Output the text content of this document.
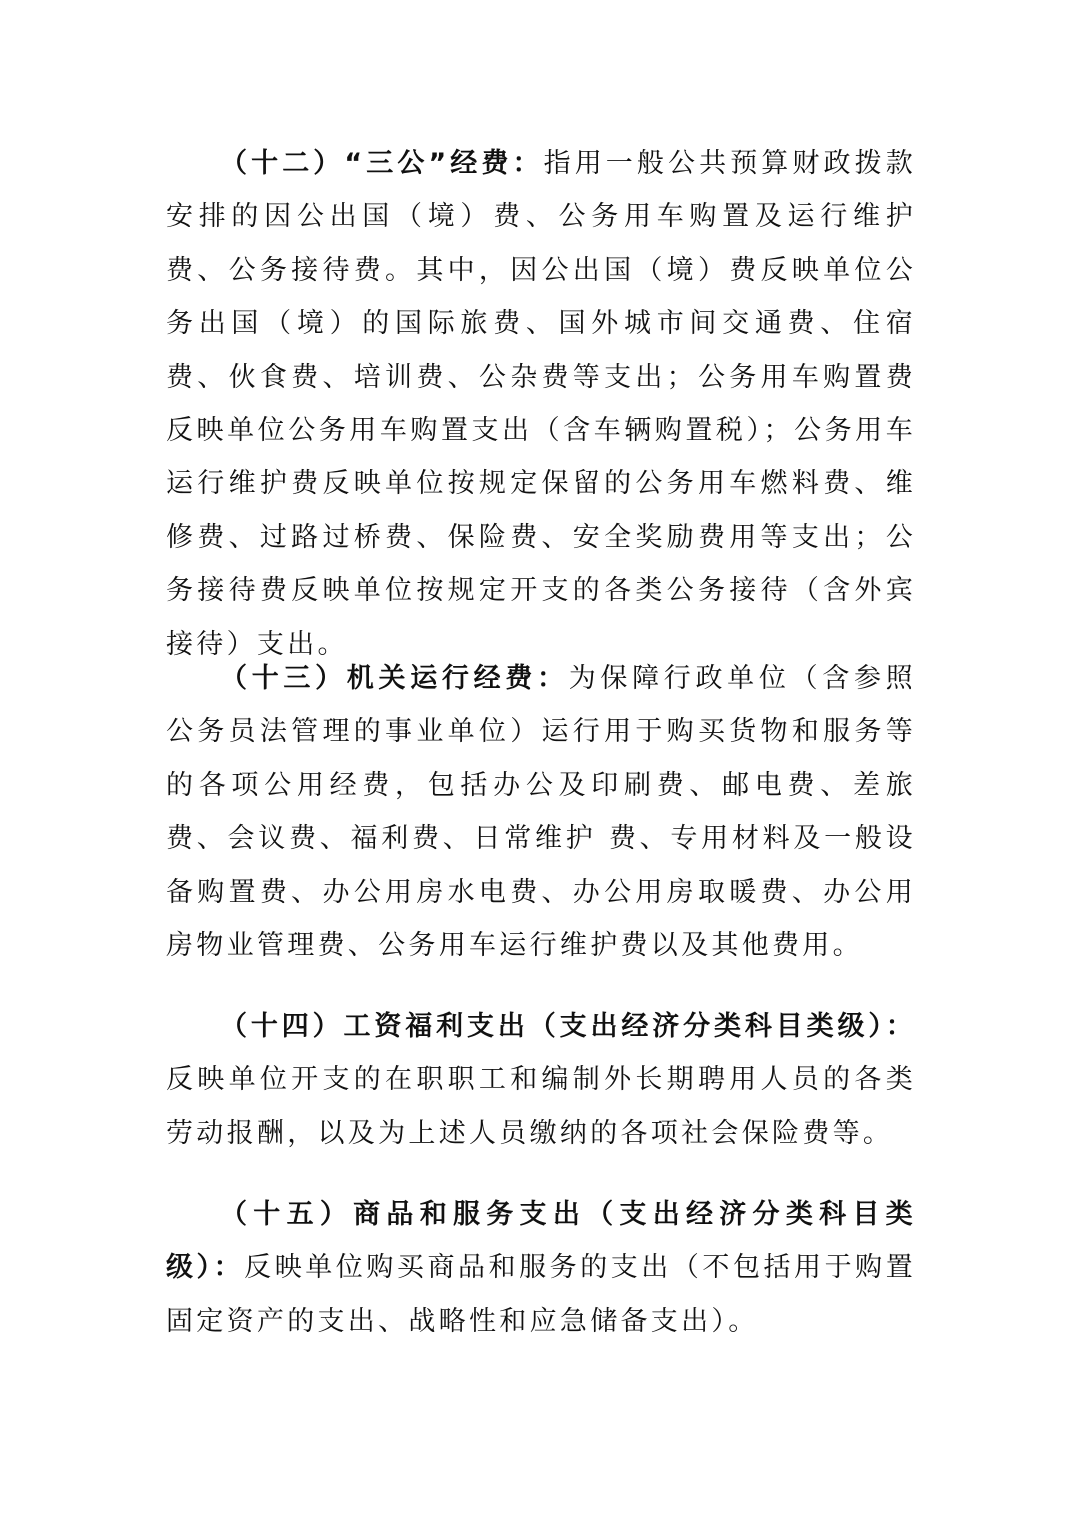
（十二）“三公”经费：指用一般公共预算财政拨款安排的因公出国（境）费、公务用车购置及运行维护费、公务接待费。其中，因公出国（境）费反映单位公务出国（境）的国际旅费、国外城市间交通费、住宿费、伙食费、培训费、公杂费等支出；公务用车购置费反映单位公务用车购置支出（含车辆购置税）；公务用车运行维护费反映单位按规定保留的公务用车燃料费、维修费、过路过桥费、保险费、安全奖励费用等支出；公务接待费反映单位按规定开支的各类公务接待（含外宾接待）支出。

（十三）机关运行经费：为保障行政单位（含参照公务员法管理的事业单位）运行用于购买货物和服务等的各项公用经费，包括办公及印刷费、邮电费、差旅费、会议费、福利费、日常维护 费、专用材料及一般设备购置费、办公用房水电费、办公用房取暖费、办公用房物业管理费、公务用车运行维护费以及其他费用。

（十四）工资福利支出（支出经济分类科目类级）：反映单位开支的在职职工和编制外长期聘用人员的各类劳动报酬，以及为上述人员缴纳的各项社会保险费等。

（十五）商品和服务支出（支出经济分类科目类级）：反映单位购买商品和服务的支出（不包括用于购置固定资产的支出、战略性和应急储备支出）。
